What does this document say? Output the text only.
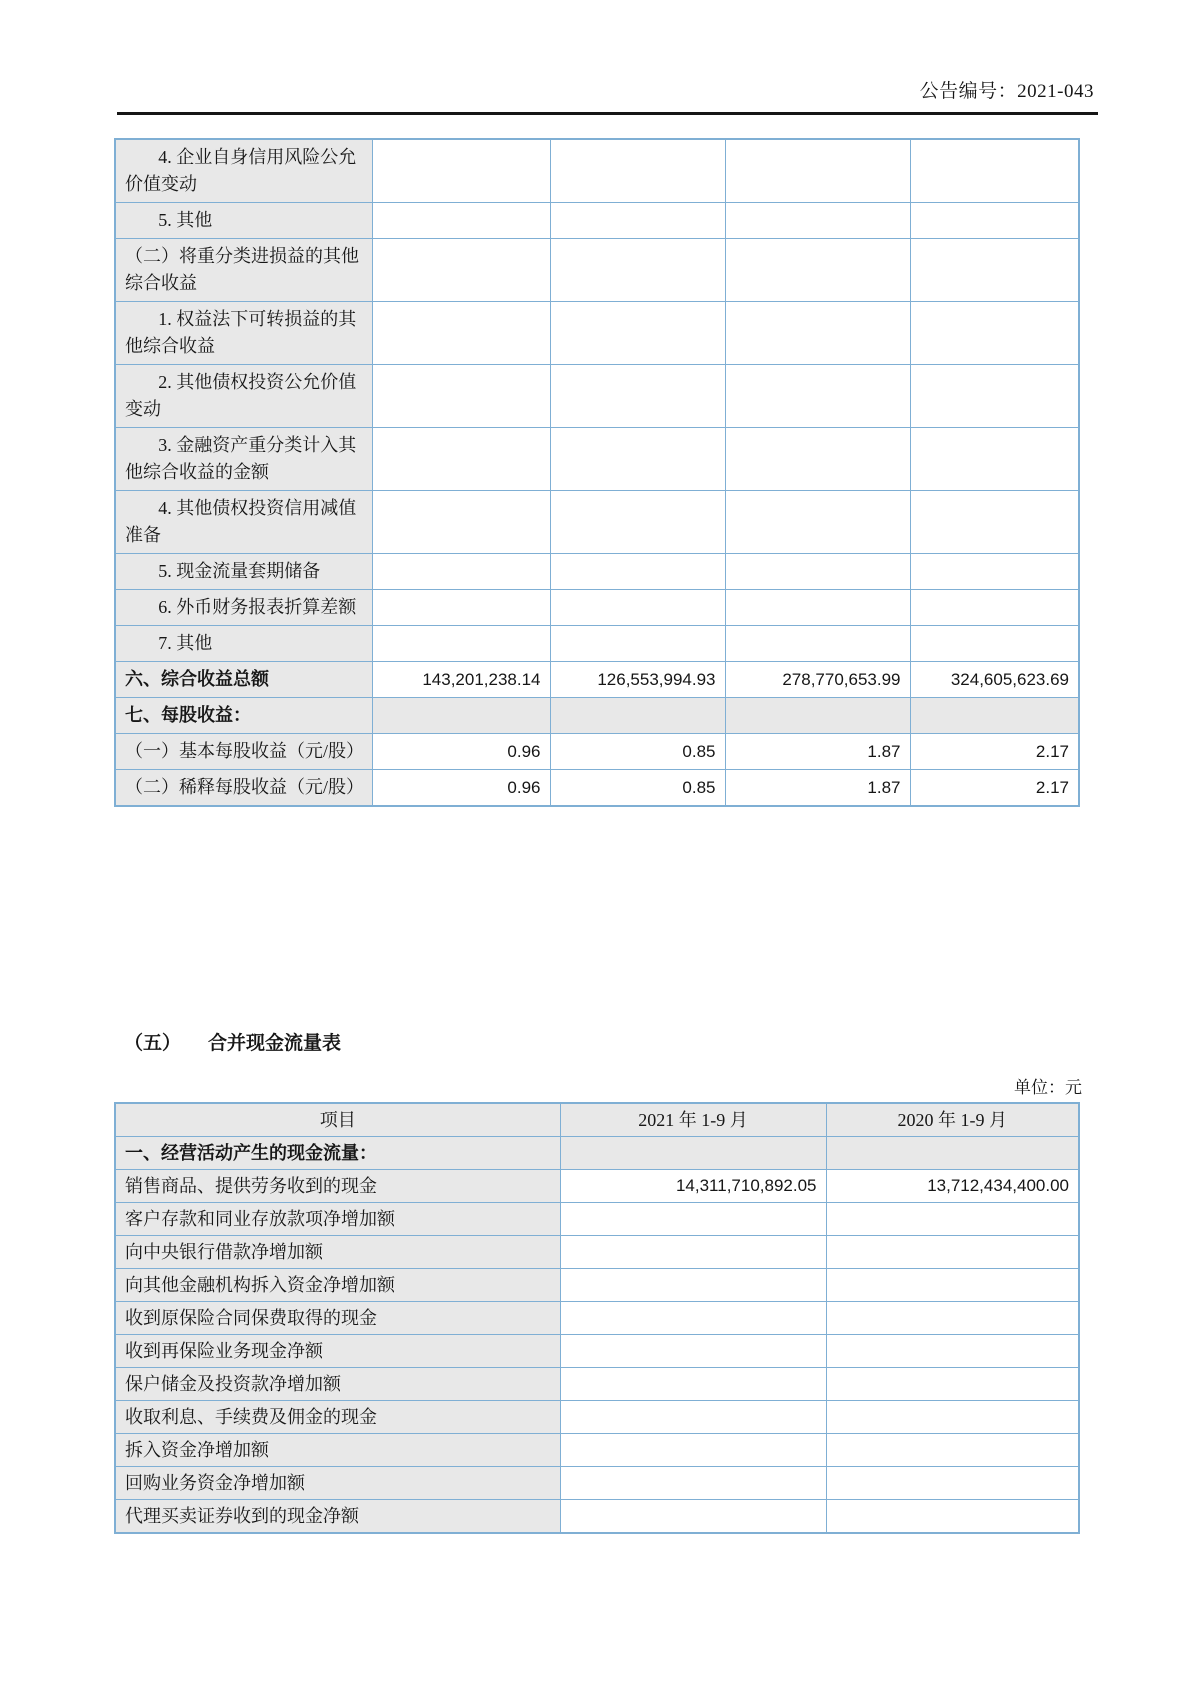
公告编号：2021-043
4. 企业自身信用风险公允价值变动				
5. 其他				
（二）将重分类进损益的其他综合收益				
1. 权益法下可转损益的其他综合收益				
2. 其他债权投资公允价值变动				
3. 金融资产重分类计入其他综合收益的金额				
4. 其他债权投资信用减值准备				
5. 现金流量套期储备				
6. 外币财务报表折算差额				
7. 其他				
六、综合收益总额	143,201,238.14	126,553,994.93	278,770,653.99	324,605,623.69
七、每股收益：				
（一）基本每股收益（元/股）	0.96	0.85	1.87	2.17
（二）稀释每股收益（元/股）	0.96	0.85	1.87	2.17
（五） 合并现金流量表
单位：元
项目	2021 年 1-9 月	2020 年 1-9 月
一、经营活动产生的现金流量：		
销售商品、提供劳务收到的现金	14,311,710,892.05	13,712,434,400.00
客户存款和同业存放款项净增加额		
向中央银行借款净增加额		
向其他金融机构拆入资金净增加额		
收到原保险合同保费取得的现金		
收到再保险业务现金净额		
保户储金及投资款净增加额		
收取利息、手续费及佣金的现金		
拆入资金净增加额		
回购业务资金净增加额		
代理买卖证券收到的现金净额		
